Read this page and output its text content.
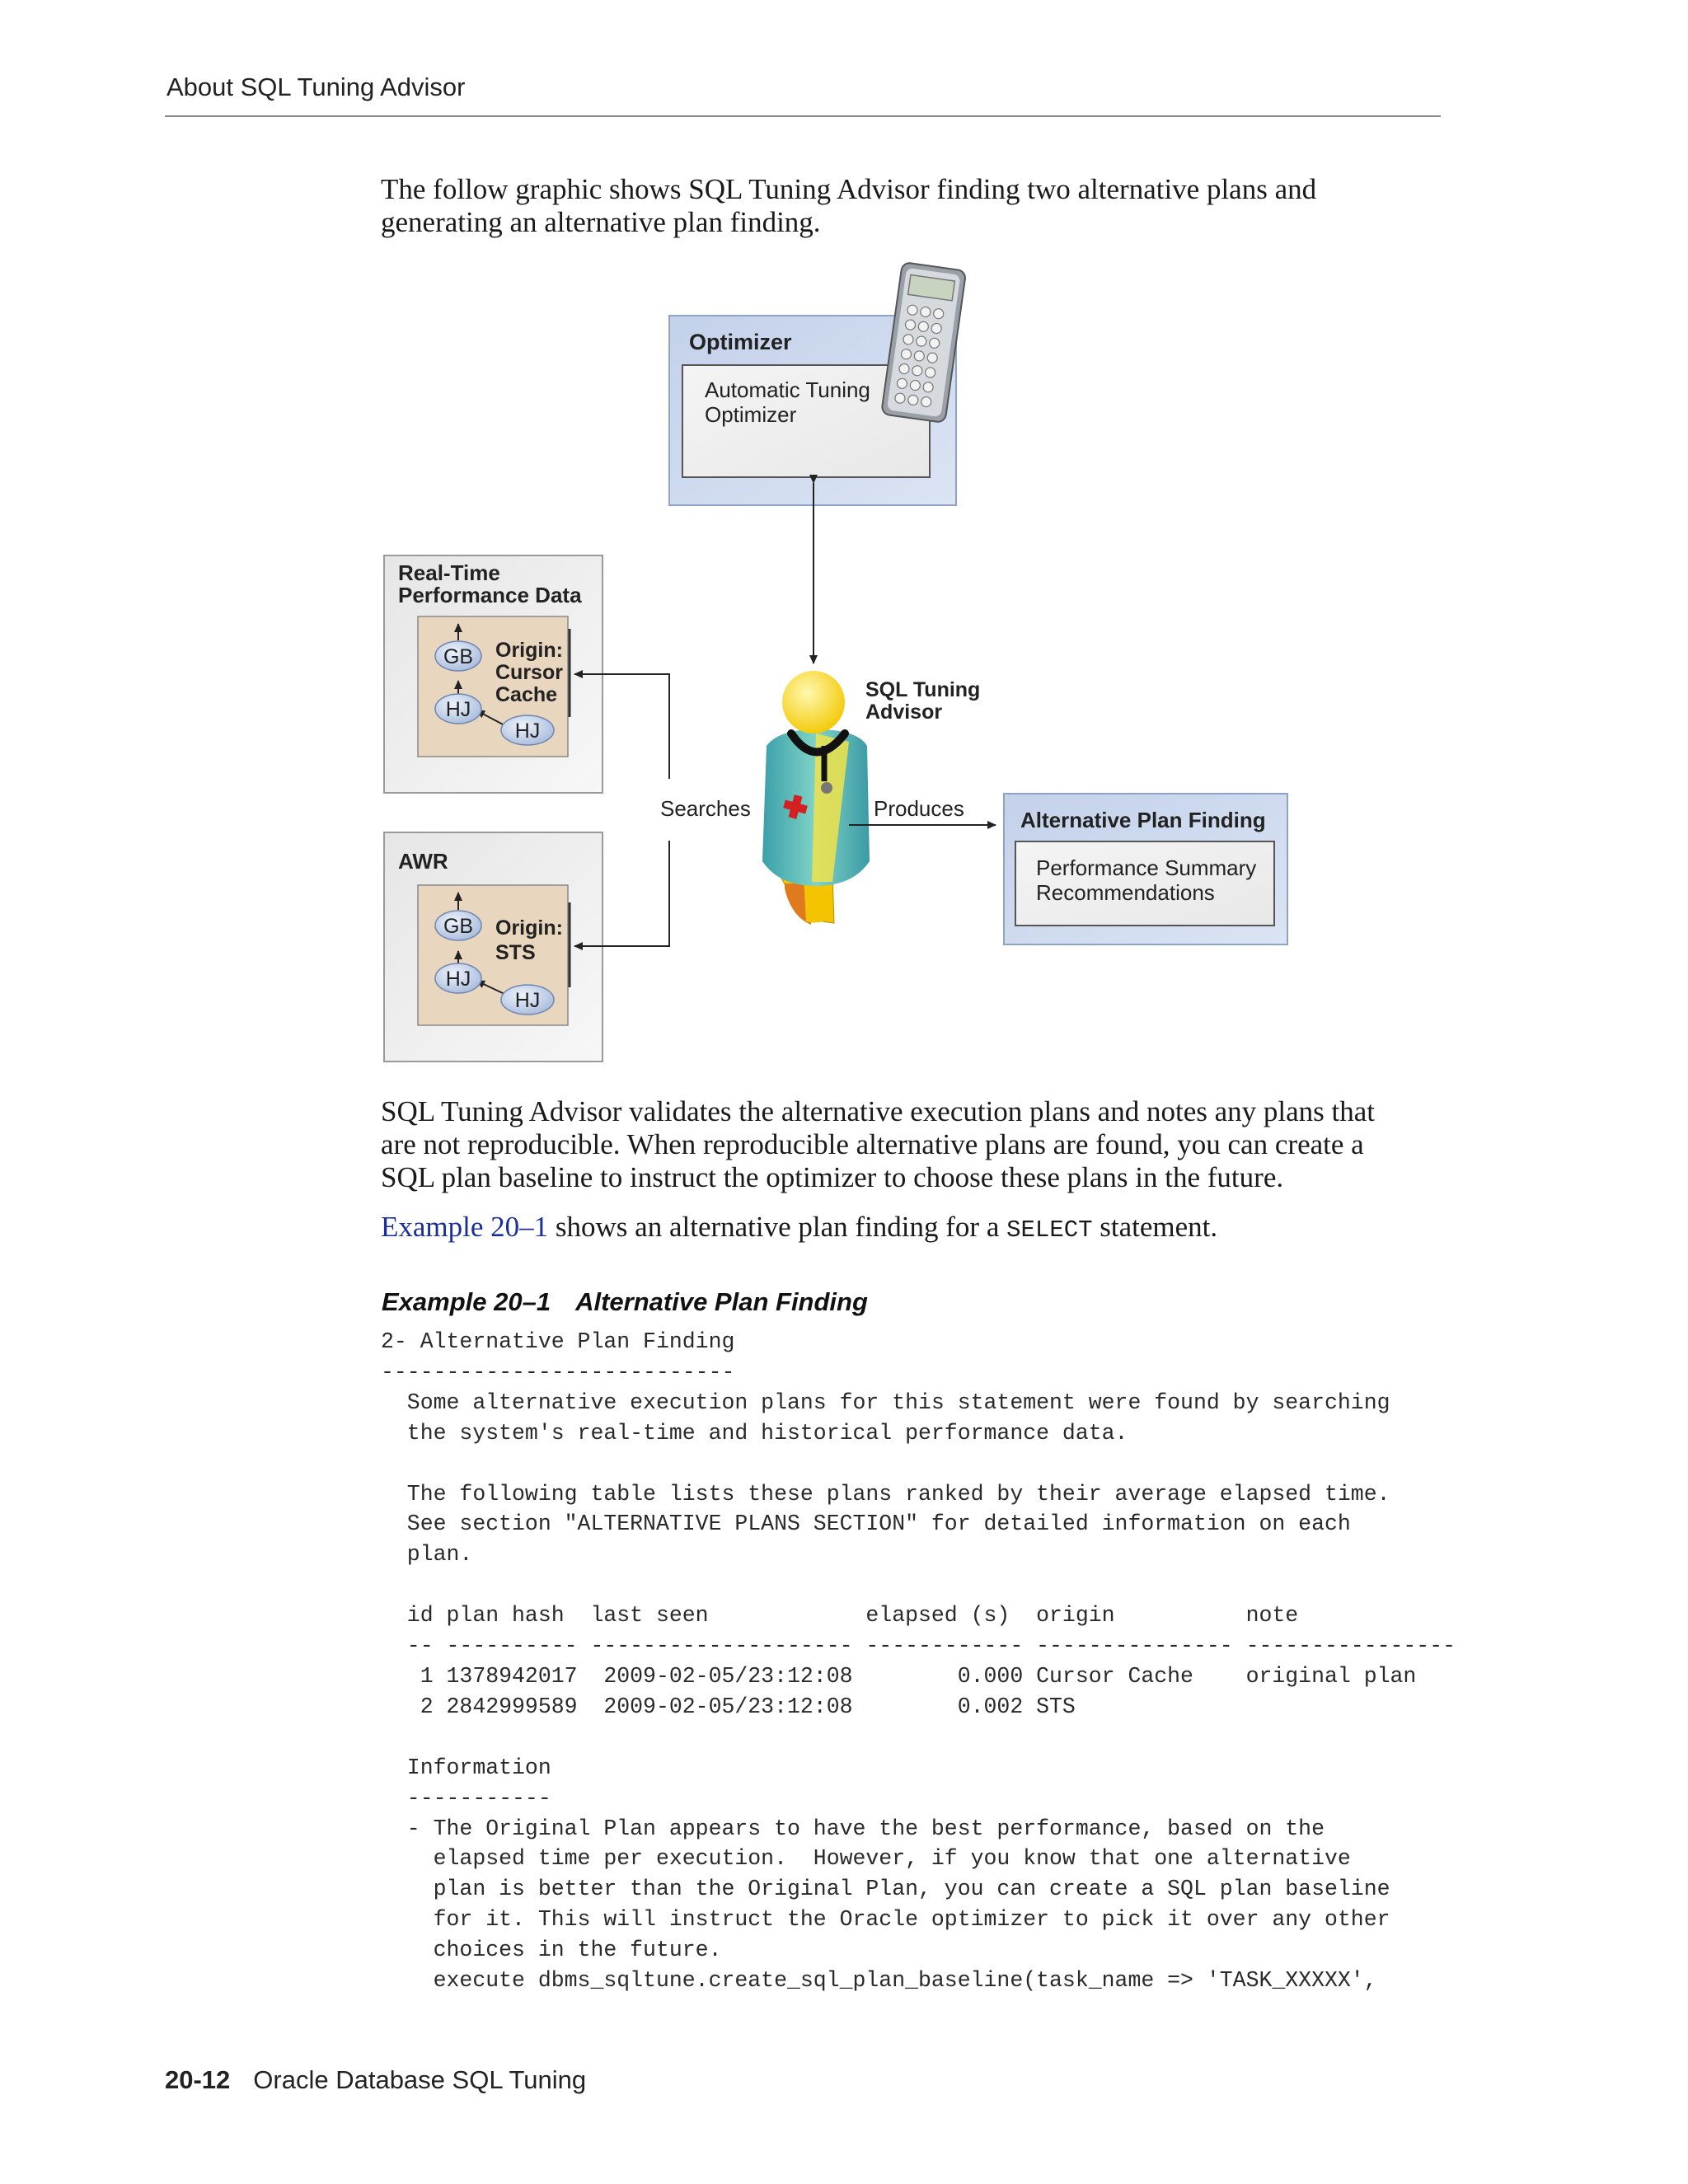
About SQL Tuning Advisor
The follow graphic shows SQL Tuning Advisor finding two alternative plans and
generating an alternative plan finding.
Optimizer
Automatic Tuning
Optimizer
Real-Time
Performance Data
GB
HJ
HJ
Origin:
Cursor
Cache
AWR
GB
HJ
HJ
Origin:
STS
Searches
SQL Tuning
Advisor
Produces	Alternative Plan Finding
Performance Summary
Recommendations
SQL Tuning Advisor validates the alternative execution plans and notes any plans that
are not reproducible. When reproducible alternative plans are found, you can create a
SQL plan baseline to instruct the optimizer to choose these plans in the future.
Example 20–1 shows an alternative plan finding for a SELECT statement.
Example 20–1 Alternative Plan Finding
2- Alternative Plan Finding
---------------------------
Some alternative execution plans for this statement were found by searching
the system's real-time and historical performance data.

The following table lists these plans ranked by their average elapsed time.
See section "ALTERNATIVE PLANS SECTION" for detailed information on each
plan.

id plan hash  last seen            elapsed (s)  origin          note
-- ---------- -------------------- ------------ --------------- ----------------
1 1378942017  2009-02-05/23:12:08        0.000 Cursor Cache    original plan
2 2842999589  2009-02-05/23:12:08        0.002 STS

Information
-----------
- The Original Plan appears to have the best performance, based on the
elapsed time per execution.  However, if you know that one alternative
plan is better than the Original Plan, you can create a SQL plan baseline
for it. This will instruct the Oracle optimizer to pick it over any other
choices in the future.
execute dbms_sqltune.create_sql_plan_baseline(task_name => 'TASK_XXXXX',
20-12 Oracle Database SQL Tuning
